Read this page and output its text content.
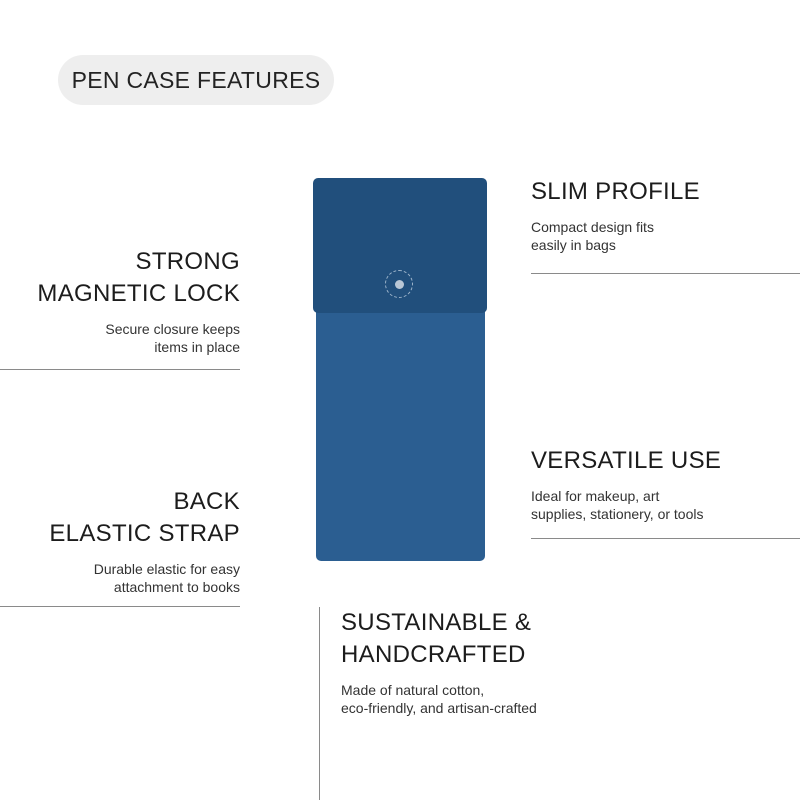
PEN CASE FEATURES
SLIM PROFILE
Compact design fits
easily in bags
STRONG
MAGNETIC LOCK
Secure closure keeps
items in place
VERSATILE USE
Ideal for makeup, art
supplies, stationery, or tools
BACK
ELASTIC STRAP
Durable elastic for easy
attachment to books
SUSTAINABLE &
HANDCRAFTED
Made of natural cotton,
eco-friendly, and artisan-crafted
